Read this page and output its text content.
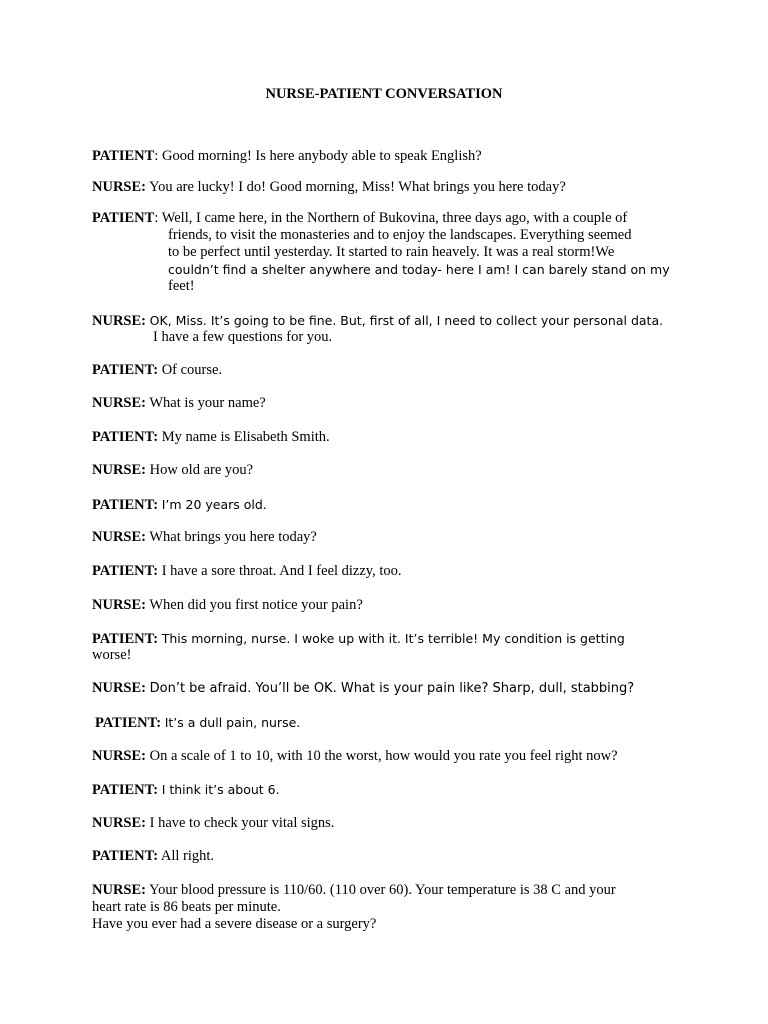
NURSE-PATIENT CONVERSATION
PATIENT: Good morning! Is here anybody able to speak English?
NURSE: You are lucky! I do! Good morning, Miss! What brings you here today?
PATIENT: Well, I came here, in the Northern of Bukovina, three days ago, with a couple of
friends, to visit the monasteries and to enjoy the landscapes. Everything seemed
to be perfect until yesterday. It started to rain heavely. It was a real storm!We
couldn’t find a shelter anywhere and today- here I am! I can barely stand on my
feet!
NURSE: OK, Miss. It’s going to be fine. But, first of all, I need to collect your personal data.
I have a few questions for you.
PATIENT: Of course.
NURSE: What is your name?
PATIENT: My name is Elisabeth Smith.
NURSE: How old are you?
PATIENT: I’m 20 years old.
NURSE: What brings you here today?
PATIENT: I have a sore throat. And I feel dizzy, too.
NURSE: When did you first notice your pain?
PATIENT: This morning, nurse. I woke up with it. It’s terrible! My condition is getting
worse!
NURSE: Don’t be afraid. You’ll be OK. What is your pain like? Sharp, dull, stabbing?
PATIENT: It’s a dull pain, nurse.
NURSE: On a scale of 1 to 10, with 10 the worst, how would you rate you feel right now?
PATIENT: I think it’s about 6.
NURSE: I have to check your vital signs.
PATIENT: All right.
NURSE: Your blood pressure is 110/60. (110 over 60). Your temperature is 38 C and your
heart rate is 86 beats per minute.
Have you ever had a severe disease or a surgery?
